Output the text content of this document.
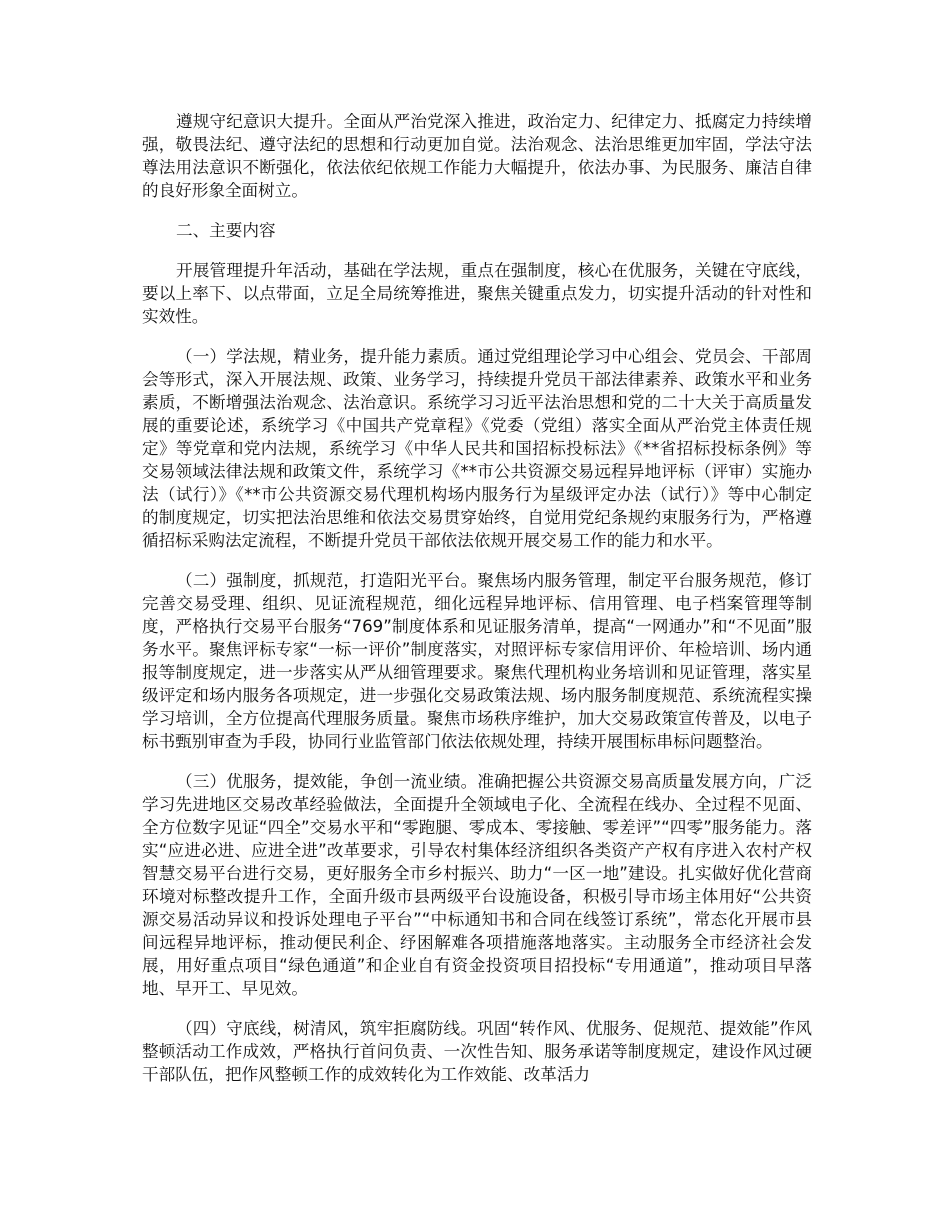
遵规守纪意识大提升。全面从严治党深入推进，政治定力、纪律定力、抵腐定力持续增强，敬畏法纪、遵守法纪的思想和行动更加自觉。法治观念、法治思维更加牢固，学法守法尊法用法意识不断强化，依法依纪依规工作能力大幅提升，依法办事、为民服务、廉洁自律的良好形象全面树立。

二、主要内容

开展管理提升年活动，基础在学法规，重点在强制度，核心在优服务，关键在守底线，要以上率下、以点带面，立足全局统筹推进，聚焦关键重点发力，切实提升活动的针对性和实效性。

（一）学法规，精业务，提升能力素质。通过党组理论学习中心组会、党员会、干部周会等形式，深入开展法规、政策、业务学习，持续提升党员干部法律素养、政策水平和业务素质，不断增强法治观念、法治意识。系统学习习近平法治思想和党的二十大关于高质量发展的重要论述，系统学习《中国共产党章程》《党委（党组）落实全面从严治党主体责任规定》等党章和党内法规，系统学习《中华人民共和国招标投标法》《**省招标投标条例》等交易领域法律法规和政策文件，系统学习《**市公共资源交易远程异地评标（评审）实施办法（试行）》《**市公共资源交易代理机构场内服务行为星级评定办法（试行）》等中心制定的制度规定，切实把法治思维和依法交易贯穿始终，自觉用党纪条规约束服务行为，严格遵循招标采购法定流程，不断提升党员干部依法依规开展交易工作的能力和水平。

（二）强制度，抓规范，打造阳光平台。聚焦场内服务管理，制定平台服务规范，修订完善交易受理、组织、见证流程规范，细化远程异地评标、信用管理、电子档案管理等制度，严格执行交易平台服务“769”制度体系和见证服务清单，提高“一网通办”和“不见面”服务水平。聚焦评标专家“一标一评价”制度落实，对照评标专家信用评价、年检培训、场内通报等制度规定，进一步落实从严从细管理要求。聚焦代理机构业务培训和见证管理，落实星级评定和场内服务各项规定，进一步强化交易政策法规、场内服务制度规范、系统流程实操学习培训，全方位提高代理服务质量。聚焦市场秩序维护，加大交易政策宣传普及，以电子标书甄别审查为手段，协同行业监管部门依法依规处理，持续开展围标串标问题整治。

（三）优服务，提效能，争创一流业绩。准确把握公共资源交易高质量发展方向，广泛学习先进地区交易改革经验做法，全面提升全领域电子化、全流程在线办、全过程不见面、全方位数字见证“四全”交易水平和“零跑腿、零成本、零接触、零差评”“四零”服务能力。落实“应进必进、应进全进”改革要求，引导农村集体经济组织各类资产产权有序进入农村产权智慧交易平台进行交易，更好服务全市乡村振兴、助力“一区一地”建设。扎实做好优化营商环境对标整改提升工作，全面升级市县两级平台设施设备，积极引导市场主体用好“公共资源交易活动异议和投诉处理电子平台”“中标通知书和合同在线签订系统”，常态化开展市县间远程异地评标，推动便民利企、纾困解难各项措施落地落实。主动服务全市经济社会发展，用好重点项目“绿色通道”和企业自有资金投资项目招投标“专用通道”，推动项目早落地、早开工、早见效。

（四）守底线，树清风，筑牢拒腐防线。巩固“转作风、优服务、促规范、提效能”作风整顿活动工作成效，严格执行首问负责、一次性告知、服务承诺等制度规定，建设作风过硬干部队伍，把作风整顿工作的成效转化为工作效能、改革活力
